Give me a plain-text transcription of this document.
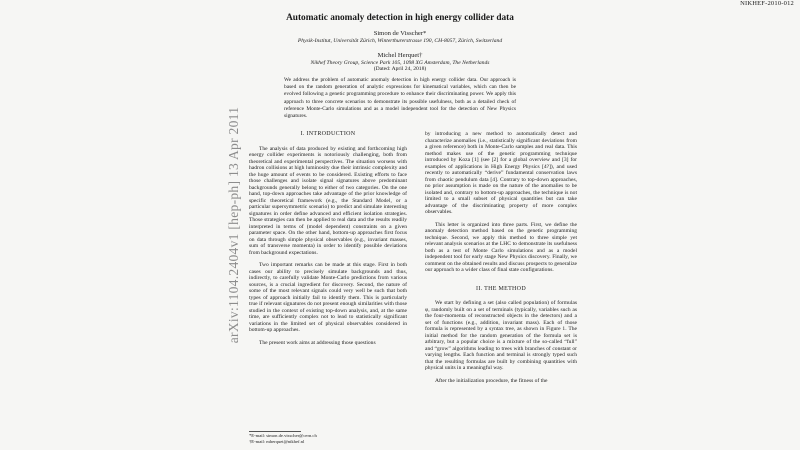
NIKHEF-2010-012
arXiv:1104.2404v1 [hep-ph] 13 Apr 2011
Automatic anomaly detection in high energy collider data
Simon de Visscher*
Physik-Institut, Universität Zürich, Winterthurerstrasse 190, CH-8057, Zürich, Switzerland
Michel Herquet†
Nikhef Theory Group, Science Park 105, 1098 XG Amsterdam, The Netherlands
(Dated: April 24, 2018)
We address the problem of automatic anomaly detection in high energy collider data. Our approach is based on the random generation of analytic expressions for kinematical variables, which can then be evolved following a genetic programming procedure to enhance their discriminating power. We apply this approach to three concrete scenarios to demonstrate its possible usefulness, both as a detailed check of reference Monte-Carlo simulations and as a model independent tool for the detection of New Physics signatures.
I. INTRODUCTION

The analysis of data produced by existing and forthcoming high energy collider experiments is notoriously challenging, both from theoretical and experimental perspectives. The situation worsens with hadron collisions at high luminosity due their intrinsic complexity and the huge amount of events to be considered. Existing efforts to face those challenges and isolate signal signatures above predominant backgrounds generally belong to either of two categories. On the one hand, top-down approaches take advantage of the prior knowledge of specific theoretical framework (e.g., the Standard Model, or a particular supersymmetric scenario) to predict and simulate interesting signatures in order define advanced and efficient isolation strategies. Those strategies can then be applied to real data and the results readily interpreted in terms of (model dependent) constraints on a given parameter space. On the other hand, bottom-up approaches first focus on data through simple physical observables (e.g., invariant masses, sum of transverse momenta) in order to identify possible deviations from background expectations.

Two important remarks can be made at this stage. First in both cases our ability to precisely simulate backgrounds and thus, indirectly, to carefully validate Monte-Carlo predictions from various sources, is a crucial ingredient for discovery. Second, the nature of some of the most relevant signals could very well be such that both types of approach initially fail to identify them. This is particularly true if relevant signatures do not present enough similarities with those studied in the context of existing top-down analysis, and, at the same time, are sufficiently complex not to lead to statistically significant variations in the limited set of physical observables considered in bottom-up approaches.

The present work aims at addressing those questions

by introducing a new method to automatically detect and characterize anomalies (i.e., statistically significant deviations from a given reference) both in Monte-Carlo samples and real data. This method makes use of the genetic programming technique introduced by Koza [1] (see [2] for a global overview and [3] for examples of applications in High Energy Physics [4?]), and used recently to automatically “derive” fundamental conservation laws from chaotic pendulum data [4]. Contrary to top-down approaches, no prior assumption is made on the nature of the anomalies to be isolated and, contrary to bottom-up approaches, the technique is not limited to a small subset of physical quantities but can take advantage of the discriminating property of more complex observables.

This letter is organized into three parts. First, we define the anomaly detection method based on the genetic programming technique. Second, we apply this method to three simple yet relevant analysis scenarios at the LHC to demonstrate its usefulness both as a test of Monte Carlo simulations and as a model independent tool for early stage New Physics discovery. Finally, we comment on the obtained results and discuss prospects to generalize our approach to a wider class of final state configurations.

II. THE METHOD

We start by defining a set (also called population) of formulas φ, randomly built on a set of terminals (typically, variables such as the four-momenta of reconstructed objects in the detectors) and a set of functions (e.g., addition, invariant mass). Each of those formula is represented by a syntax tree, as shown in Figure 1. The initial method for the random generation of the formula set is arbitrary, but a popular choice is a mixture of the so-called “full” and “grow” algorithms leading to trees with branches of constant or varying lengths. Each function and terminal is strongly typed such that the resulting formulas are built by combining quantities with physical units in a meaningful way.

After the initialization procedure, the fitness of the

*E-mail: simon.de.visscher@cern.ch
†E-mail: mherquet@nikhef.nl
